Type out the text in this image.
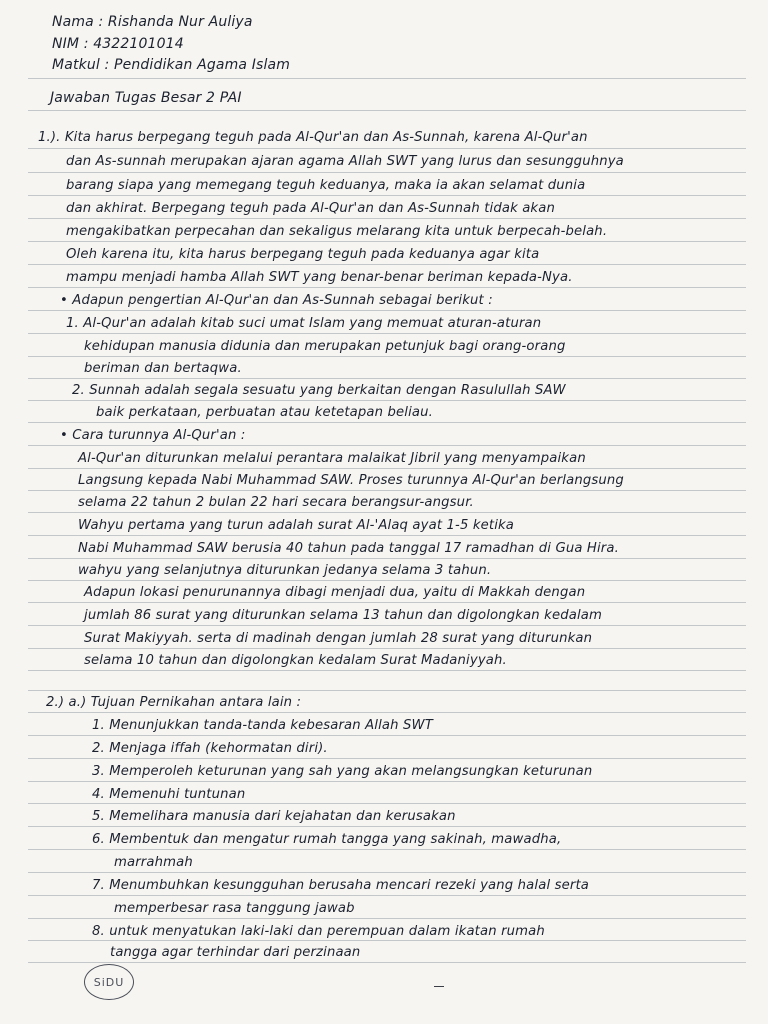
Nama : Rishanda Nur Auliya
NIM : 4322101014
Matkul : Pendidikan Agama Islam
Jawaban Tugas Besar 2 PAI
1.). Kita harus berpegang teguh pada Al-Qur'an dan As-Sunnah, karena Al-Qur'an
dan As-sunnah merupakan ajaran agama Allah SWT yang lurus dan sesungguhnya
barang siapa yang memegang teguh keduanya, maka ia akan selamat dunia
dan akhirat. Berpegang teguh pada Al-Qur'an dan As-Sunnah tidak akan
mengakibatkan perpecahan dan sekaligus melarang kita untuk berpecah-belah.
Oleh karena itu, kita harus berpegang teguh pada keduanya agar kita
mampu menjadi hamba Allah SWT yang benar-benar beriman kepada-Nya.
• Adapun pengertian Al-Qur'an dan As-Sunnah sebagai berikut :
1. Al-Qur'an adalah kitab suci umat Islam yang memuat aturan-aturan
kehidupan manusia didunia dan merupakan petunjuk bagi orang-orang
beriman dan bertaqwa.
2. Sunnah adalah segala sesuatu yang berkaitan dengan Rasulullah SAW
baik perkataan, perbuatan atau ketetapan beliau.
• Cara turunnya Al-Qur'an :
Al-Qur'an diturunkan melalui perantara malaikat Jibril yang menyampaikan
Langsung kepada Nabi Muhammad SAW. Proses turunnya Al-Qur'an berlangsung
selama 22 tahun 2 bulan 22 hari secara berangsur-angsur.
Wahyu pertama yang turun adalah surat Al-'Alaq ayat 1-5 ketika
Nabi Muhammad SAW berusia 40 tahun pada tanggal 17 ramadhan di Gua Hira.
wahyu yang selanjutnya diturunkan jedanya selama 3 tahun.
Adapun lokasi penurunannya dibagi menjadi dua, yaitu di Makkah dengan
jumlah 86 surat yang diturunkan selama 13 tahun dan digolongkan kedalam
Surat Makiyyah. serta di madinah dengan jumlah 28 surat yang diturunkan
selama 10 tahun dan digolongkan kedalam Surat Madaniyyah.
2.) a.) Tujuan Pernikahan antara lain :
1. Menunjukkan tanda-tanda kebesaran Allah SWT
2. Menjaga iffah (kehormatan diri).
3. Memperoleh keturunan yang sah yang akan melangsungkan keturunan
4. Memenuhi tuntunan
5. Memelihara manusia dari kejahatan dan kerusakan
6. Membentuk dan mengatur rumah tangga yang sakinah, mawadha,
marrahmah
7. Menumbuhkan kesungguhan berusaha mencari rezeki yang halal serta
memperbesar rasa tanggung jawab
8. untuk menyatukan laki-laki dan perempuan dalam ikatan rumah
tangga agar terhindar dari perzinaan
SiDU
